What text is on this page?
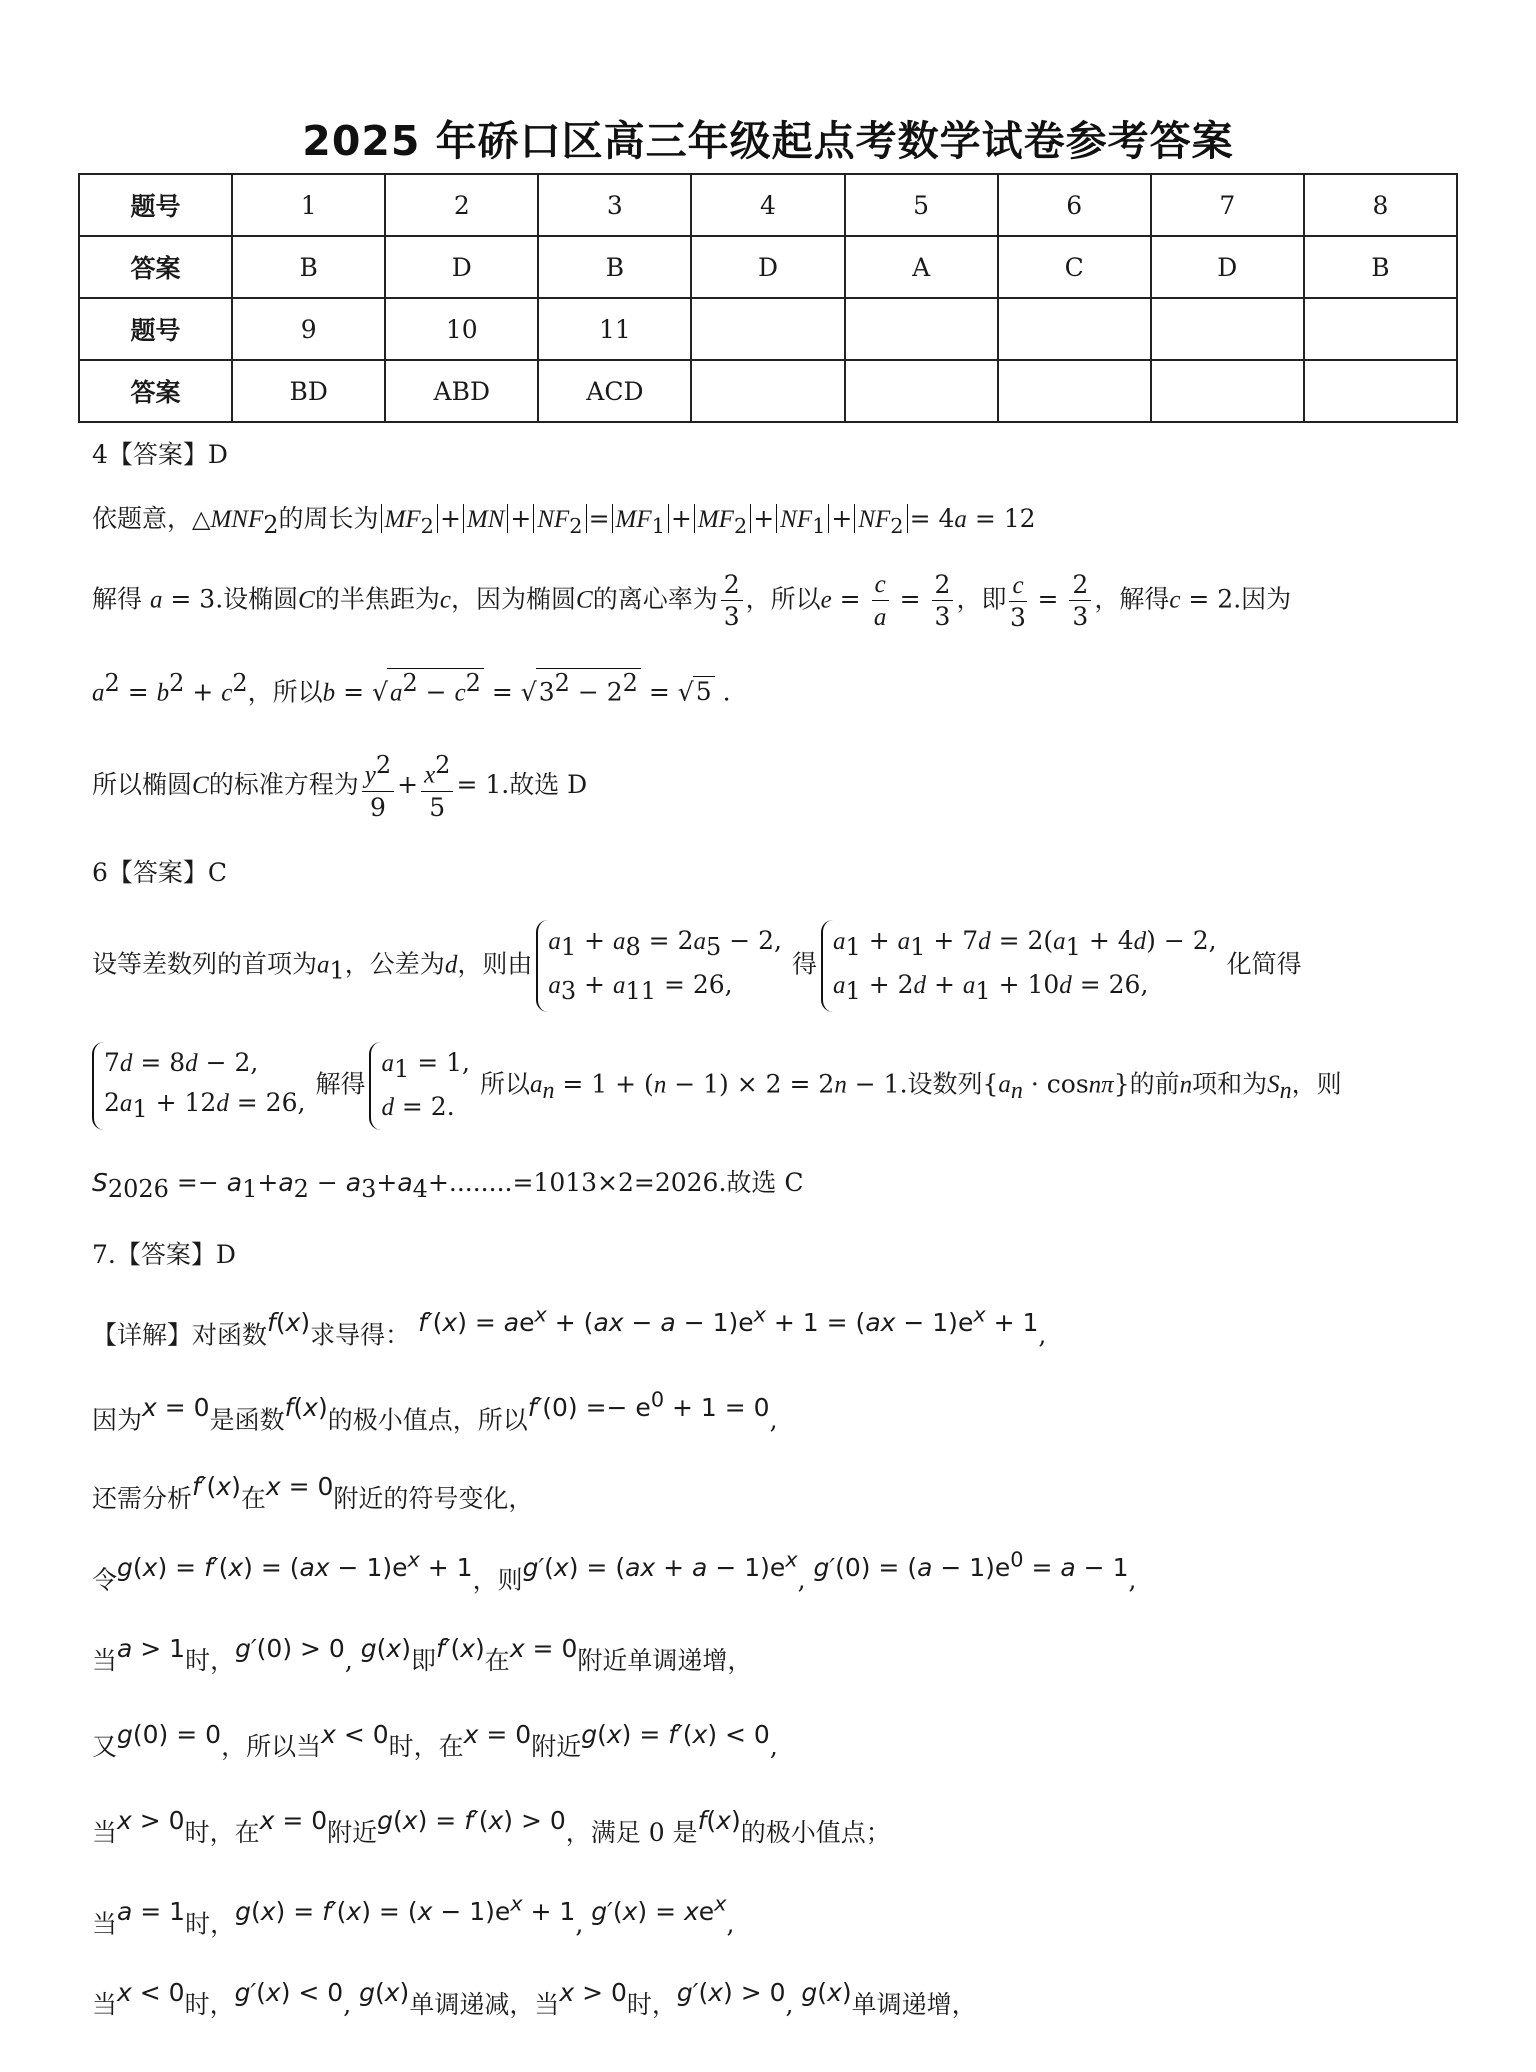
2025 年硚口区高三年级起点考数学试卷参考答案
题号	1	2	3	4	5	6	7	8
答案	B	D	B	D	A	C	D	B
题号	9	10	11					
答案	BD	ABD	ACD					
4【答案】D
依题意，$\triangle MNF_2$的周长为 $MF_2$ + MN + $NF_2 = MF_1 + MF_2 + NF_1 + NF_2 = 4a = 12$
解得 a = 3.设椭圆C的半焦距为c，因为椭圆C的离心率为 $\frac{2}{3}$ ，所以$e = \frac{c}{a} = \frac{2}{3}$ ，即 $\frac{c}{3} = \frac{2}{3}$ ，解得c = 2.因为
$a^2 = b^2 + c^2$，所以$b = √a^2 - c^2 = √3^2 - 2^2 = √5$ .
所以椭圆C的标准方程为 $\frac{y^2}{9} + \frac{x^2}{5} = 1$.故选 D
6【答案】C
设等差数列的首项为$a_1$，公差为d，则由$a_1 + a_8 = 2a_5 - 2$,
$a_3 + a_{11} = 26$,得$a_1 + a_1 + 7d = 2(a_1 + 4d) - 2$,
$a_1 + 2d + a_1 + 10d = 26$,化简得
7d = 8d − 2,
$2a_1 + 12d = 26$,解得$a_1 = 1$,
d = 2.所以$a_n = 1 + (n - 1) \times 2 = 2n - 1$.设数列$\{a_n \cdot \cos n\pi\}$的前n项和为$S_n$，则
$S_{2026} =- a_1+a_2 - a_3+a_4+........=1013\times 2=2026$.故选 C
7.【答案】D
【详解】对函数f(x)求导得： $f'(x) = ae^x + (ax - a - 1)e^x + 1 = (ax - 1)e^x + 1$,
因为x = 0是函数f(x)的极小值点，所以$f'(0) =- e^0 + 1 = 0$,
还需分析f′(x)在x = 0附近的符号变化，
令$g(x) = f'(x) = (ax - 1)e^x + 1$，则$g'(x) = (ax + a - 1)e^x$, $g'(0) = (a - 1)e^0 = a - 1$,
当a > 1时，g′(0) > 0, g(x)即f′(x)在x = 0附近单调递增，
又g(0) = 0，所以当x < 0时，在x = 0附近g(x) = f′(x) < 0,
当x > 0时，在x = 0附近g(x) = f′(x) > 0，满足 0 是f(x)的极小值点；
当a = 1时，$g(x) = f'(x) = (x - 1)e^x + 1$, $g'(x) = xe^x$,
当x < 0时，g′(x) < 0, g(x)单调递减，当x > 0时，g′(x) > 0, g(x)单调递增，
